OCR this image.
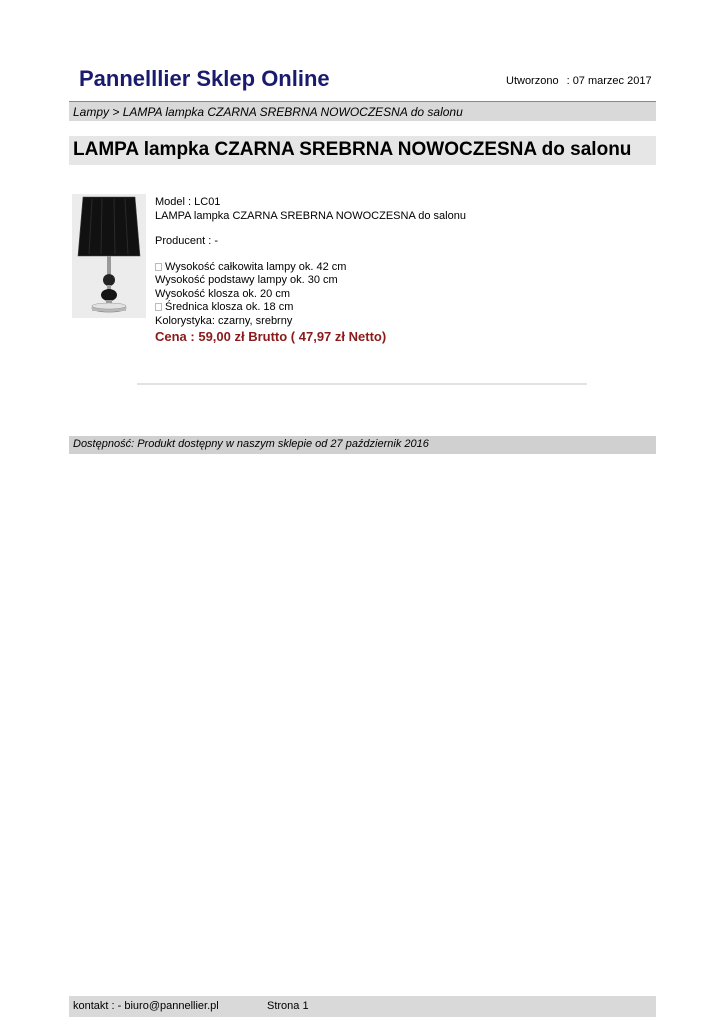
Pannelllier Sklep Online	Utworzono : 07 marzec 2017
Lampy > LAMPA lampka CZARNA SREBRNA NOWOCZESNA do salonu
LAMPA lampka CZARNA SREBRNA NOWOCZESNA do salonu
Model : LC01
LAMPA lampka CZARNA SREBRNA NOWOCZESNA do salonu
Producent : -
Wysokość całkowita lampy ok. 42 cm
Wysokość podstawy lampy ok. 30 cm
Wysokość klosza ok. 20 cm
Średnica klosza ok. 18 cm
Kolorystyka: czarny, srebrny
Cena : 59,00 zł Brutto ( 47,97 zł Netto)
Dostępność: Produkt dostępny w naszym sklepie od 27 październik 2016
kontakt : - biuro@pannellier.pl	Strona 1
